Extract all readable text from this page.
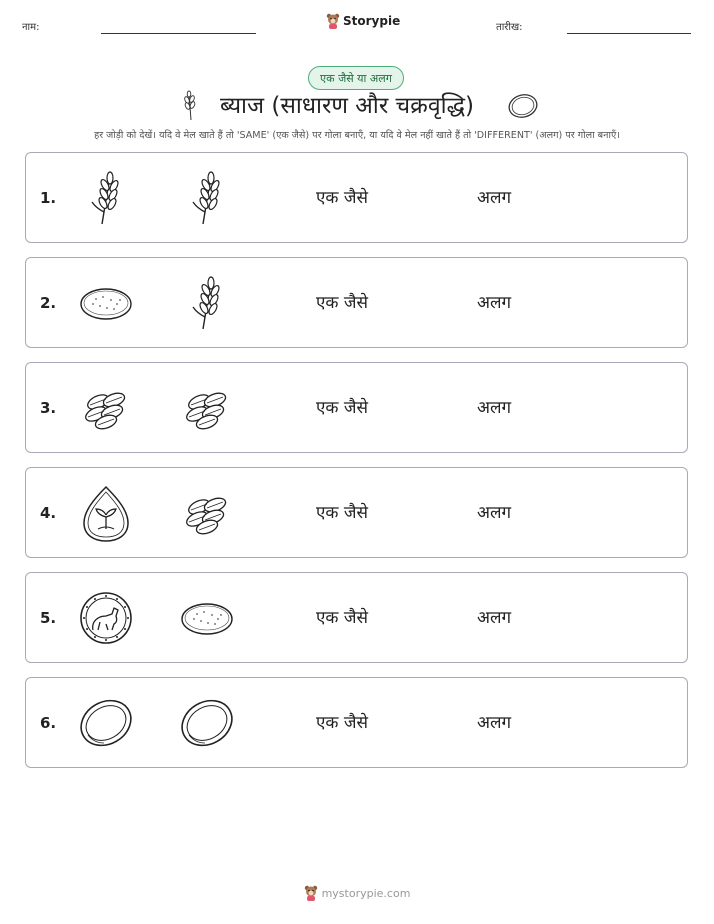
नाम:	Storypie	तारीख:
एक जैसे या अलग
ब्याज (साधारण और चक्रवृद्धि)
हर जोड़ी को देखें। यदि वे मेल खाते हैं तो 'SAME' (एक जैसे) पर गोला बनाएँ, या यदि वे मेल नहीं खाते हैं तो 'DIFFERENT' (अलग) पर गोला बनाएँ।
1.	एक जैसे	अलग
2.	एक जैसे	अलग
3.	एक जैसे	अलग
4.	एक जैसे	अलग
5.	एक जैसे	अलग
6.	एक जैसे	अलग
mystorypie.com
